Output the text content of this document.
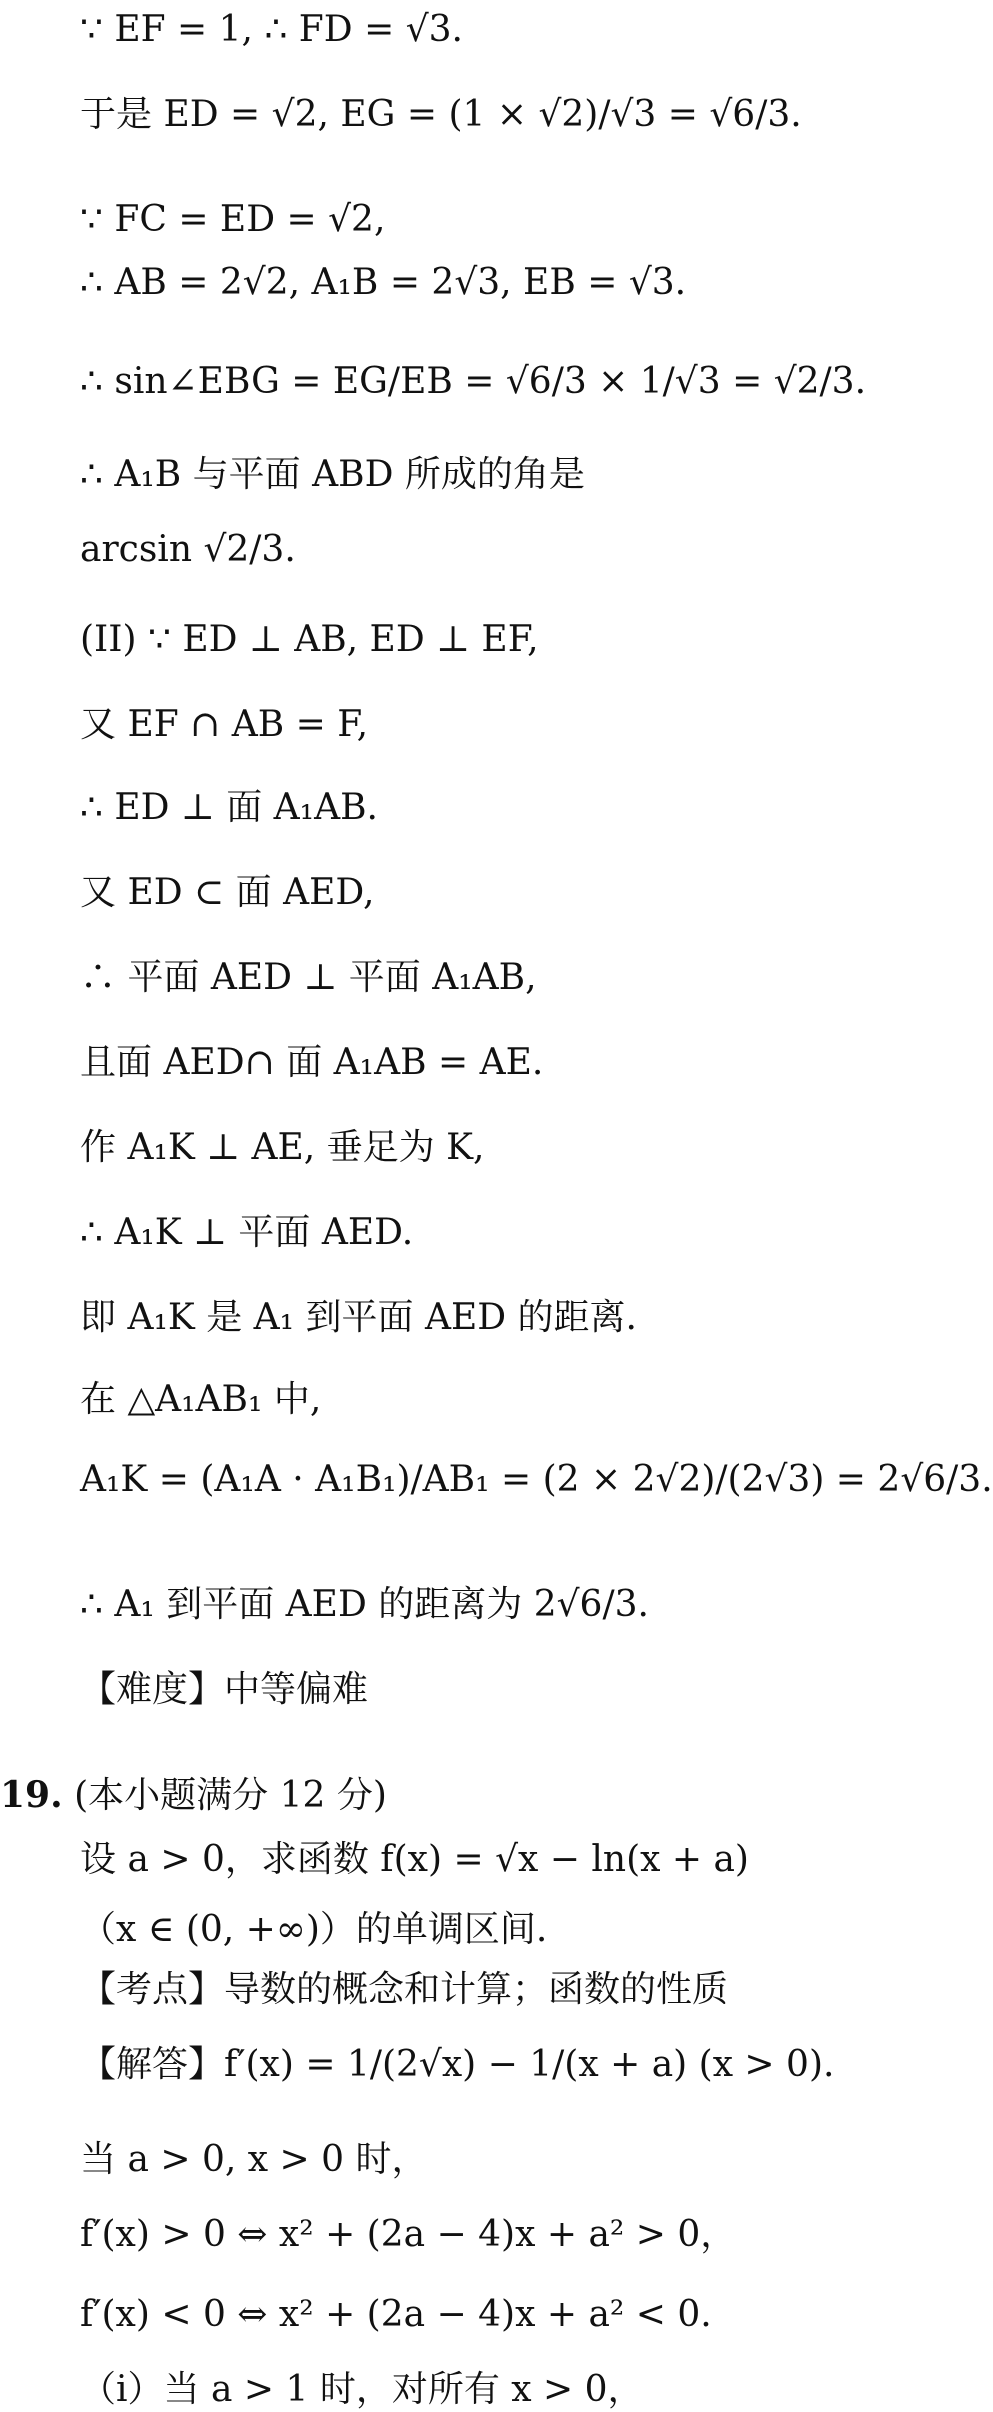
∵ EF = 1, ∴ FD = √3.
于是 ED = √2, EG = (1 × √2)/√3 = √6/3.
∵ FC = ED = √2,
∴ AB = 2√2, A₁B = 2√3, EB = √3.
∴ sin∠EBG = EG/EB = √6/3 × 1/√3 = √2/3.
∴ A₁B 与平面 ABD 所成的角是
arcsin √2/3.
(II) ∵ ED ⊥ AB, ED ⊥ EF,
又 EF ∩ AB = F,
∴ ED ⊥ 面 A₁AB.
又 ED ⊂ 面 AED,
∴ 平面 AED ⊥ 平面 A₁AB,
且面 AED∩ 面 A₁AB = AE.
作 A₁K ⊥ AE, 垂足为 K,
∴ A₁K ⊥ 平面 AED.
即 A₁K 是 A₁ 到平面 AED 的距离.
在 △A₁AB₁ 中,
A₁K = (A₁A · A₁B₁)/AB₁ = (2 × 2√2)/(2√3) = 2√6/3.
∴ A₁ 到平面 AED 的距离为 2√6/3.
【难度】中等偏难
19. (本小题满分 12 分)
设 a > 0，求函数 f(x) = √x − ln(x + a)
（x ∈ (0, +∞)）的单调区间.
【考点】导数的概念和计算；函数的性质
【解答】f′(x) = 1/(2√x) − 1/(x + a) (x > 0).
当 a > 0, x > 0 时，
f′(x) > 0 ⇔ x² + (2a − 4)x + a² > 0，
f′(x) < 0 ⇔ x² + (2a − 4)x + a² < 0.
（i）当 a > 1 时，对所有 x > 0，
